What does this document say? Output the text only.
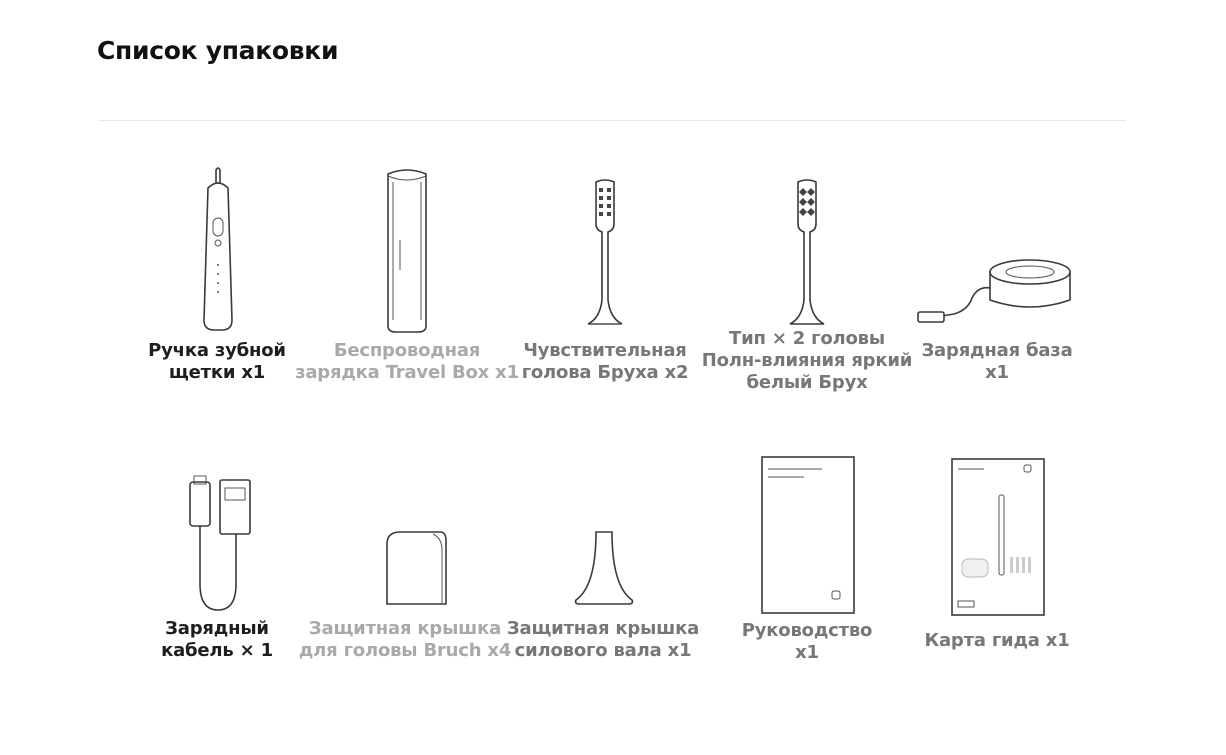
Список упаковки
Ручка зубной
щетки x1
Беспроводная
зарядка Travel Box x1
Чувствительная
голова Бруха x2
Тип × 2 головы
Полн-влияния яркий
белый Брух
Зарядная база
x1
Зарядный
кабель × 1
Защитная крышка
для головы Bruch x4
Защитная крышка
силового вала x1
Руководство
x1
Карта гида x1
